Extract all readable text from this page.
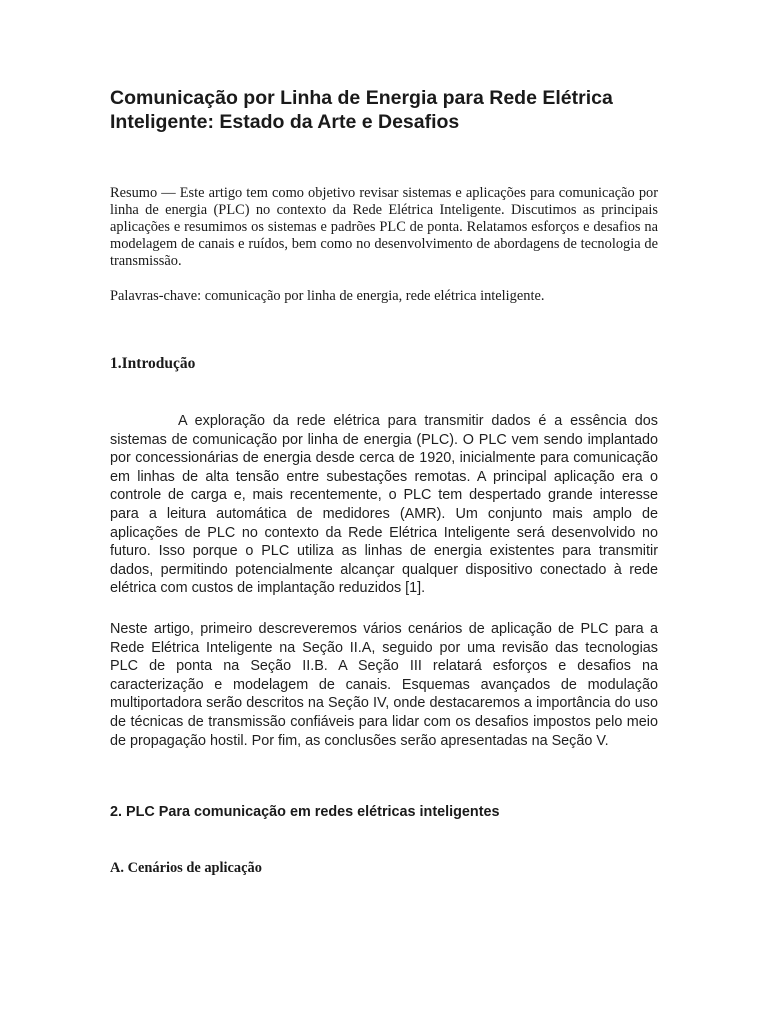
Comunicação por Linha de Energia para Rede Elétrica Inteligente: Estado da Arte e Desafios

Resumo — Este artigo tem como objetivo revisar sistemas e aplicações para comunicação por linha de energia (PLC) no contexto da Rede Elétrica Inteligente. Discutimos as principais aplicações e resumimos os sistemas e padrões PLC de ponta. Relatamos esforços e desafios na modelagem de canais e ruídos, bem como no desenvolvimento de abordagens de tecnologia de transmissão.

Palavras-chave: comunicação por linha de energia, rede elétrica inteligente.

1.Introdução

A exploração da rede elétrica para transmitir dados é a essência dos sistemas de comunicação por linha de energia (PLC). O PLC vem sendo implantado por concessionárias de energia desde cerca de 1920, inicialmente para comunicação em linhas de alta tensão entre subestações remotas. A principal aplicação era o controle de carga e, mais recentemente, o PLC tem despertado grande interesse para a leitura automática de medidores (AMR). Um conjunto mais amplo de aplicações de PLC no contexto da Rede Elétrica Inteligente será desenvolvido no futuro. Isso porque o PLC utiliza as linhas de energia existentes para transmitir dados, permitindo potencialmente alcançar qualquer dispositivo conectado à rede elétrica com custos de implantação reduzidos [1].

Neste artigo, primeiro descreveremos vários cenários de aplicação de PLC para a Rede Elétrica Inteligente na Seção II.A, seguido por uma revisão das tecnologias PLC de ponta na Seção II.B. A Seção III relatará esforços e desafios na caracterização e modelagem de canais. Esquemas avançados de modulação multiportadora serão descritos na Seção IV, onde destacaremos a importância do uso de técnicas de transmissão confiáveis para lidar com os desafios impostos pelo meio de propagação hostil. Por fim, as conclusões serão apresentadas na Seção V.

2. PLC Para comunicação em redes elétricas inteligentes
A. Cenários de aplicação
